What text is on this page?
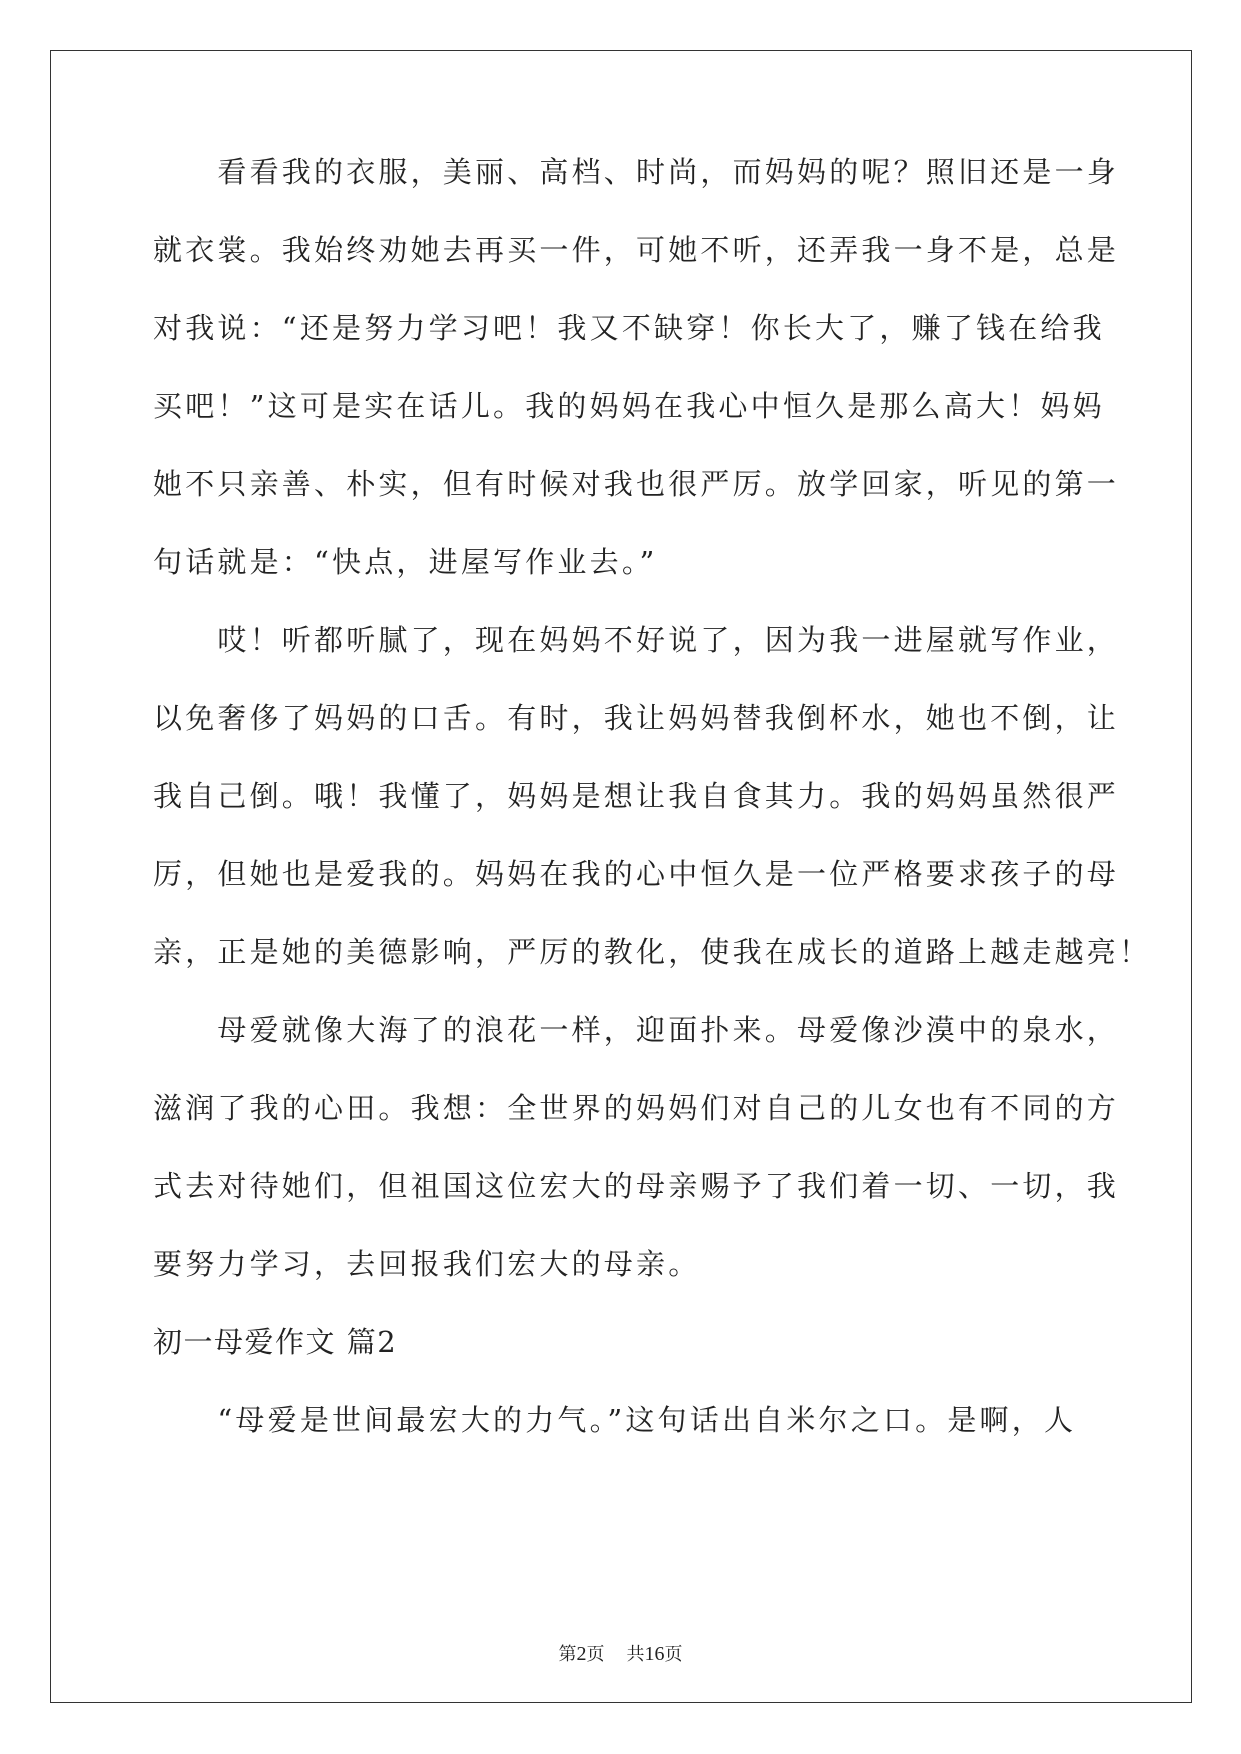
　　看看我的衣服，美丽、高档、时尚，而妈妈的呢？照旧还是一身
就衣裳。我始终劝她去再买一件，可她不听，还弄我一身不是，总是
对我说：“还是努力学习吧！我又不缺穿！你长大了，赚了钱在给我
买吧！”这可是实在话儿。我的妈妈在我心中恒久是那么高大！妈妈
她不只亲善、朴实，但有时候对我也很严厉。放学回家，听见的第一
句话就是：“快点，进屋写作业去。”
　　哎！听都听腻了，现在妈妈不好说了，因为我一进屋就写作业，
以免奢侈了妈妈的口舌。有时，我让妈妈替我倒杯水，她也不倒，让
我自己倒。哦！我懂了，妈妈是想让我自食其力。我的妈妈虽然很严
厉，但她也是爱我的。妈妈在我的心中恒久是一位严格要求孩子的母
亲，正是她的美德影响，严厉的教化，使我在成长的道路上越走越亮！
　　母爱就像大海了的浪花一样，迎面扑来。母爱像沙漠中的泉水，
滋润了我的心田。我想：全世界的妈妈们对自己的儿女也有不同的方
式去对待她们，但祖国这位宏大的母亲赐予了我们着一切、一切，我
要努力学习，去回报我们宏大的母亲。
初一母爱作文 篇2
　　“母爱是世间最宏大的力气。”这句话出自米尔之口。是啊，人
第2页 共16页
